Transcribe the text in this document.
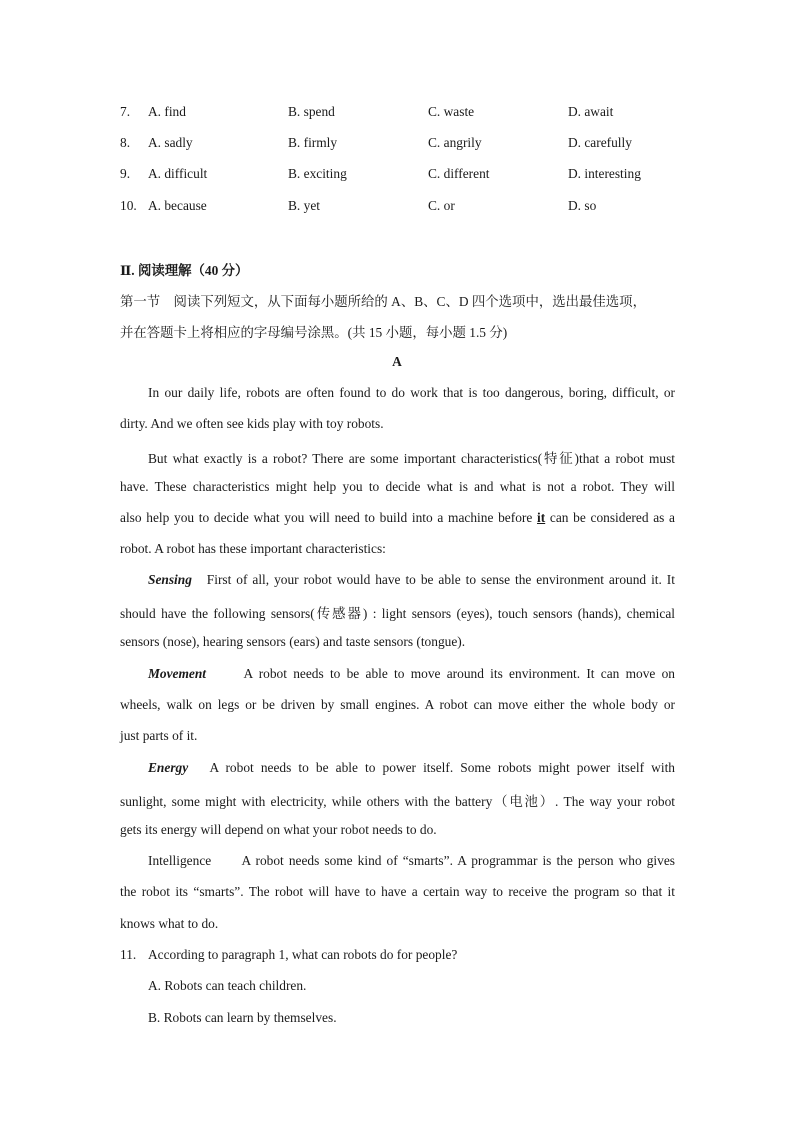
7. A. find	B. spend	C. waste	D. await
8. A. sadly	B. firmly	C. angrily	D. carefully
9. A. difficult	B. exciting	C. different	D. interesting
10. A. because	B. yet	C. or	D. so
Ⅱ. 阅读理解（40 分）
第一节　阅读下列短文，从下面每小题所给的 A、B、C、D 四个选项中，选出最佳选项，
并在答题卡上将相应的字母编号涂黑。(共 15 小题，每小题 1.5 分)
A
In our daily life, robots are often found to do work that is too dangerous, boring, difficult, or
dirty. And we often see kids play with toy robots.
But what exactly is a robot? There are some important characteristics(特征)that a robot must
have. These characteristics might help you to decide what is and what is not a robot. They will
also help you to decide what you will need to build into a machine before it can be considered as a
robot. A robot has these important characteristics:
Sensing First of all, your robot would have to be able to sense the environment around it. It
should have the following sensors(传感器) : light sensors (eyes), touch sensors (hands), chemical
sensors (nose), hearing sensors (ears) and taste sensors (tongue).
Movement	A robot needs to be able to move around its environment. It can move on
wheels, walk on legs or be driven by small engines. A robot can move either the whole body or
just parts of it.
Energy A robot needs to be able to power itself. Some robots might power itself with
sunlight, some might with electricity, while others with the battery（电池）. The way your robot
gets its energy will depend on what your robot needs to do.
Intelligence A robot needs some kind of “smarts”. A programmar is the person who gives
the robot its “smarts”. The robot will have to have a certain way to receive the program so that it
knows what to do.
11. According to paragraph 1, what can robots do for people?
A. Robots can teach children.
B. Robots can learn by themselves.
